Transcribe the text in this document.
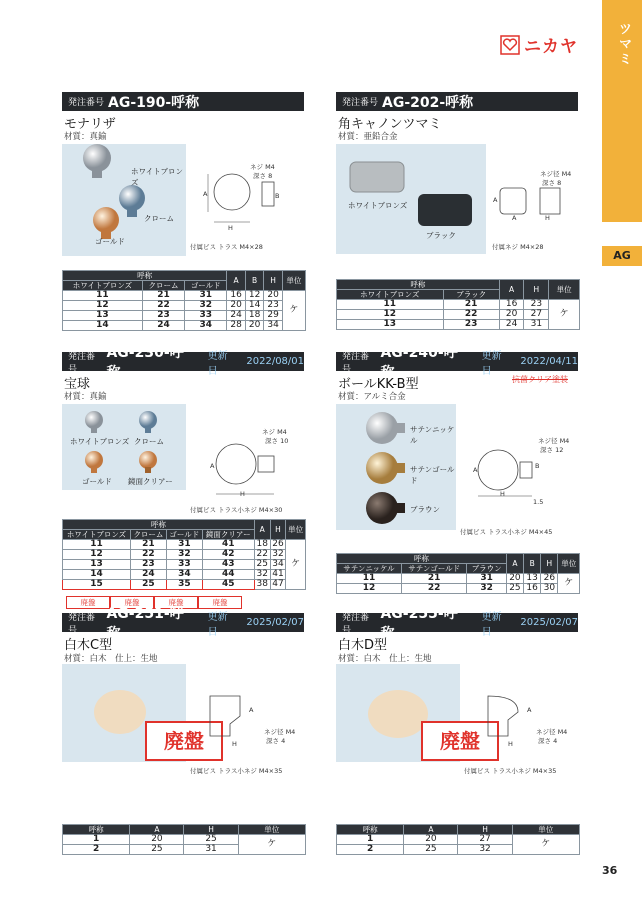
ツマミ
AG
36
ニカヤ
発注番号 AG-190-呼称
モナリザ
材質：真鍮
ホワイトブロンズ
クローム
ゴールド
ネジ M4
深さ 8
A	B
H
付属ビス トラス M4×28
呼称			A	B	H	単位
ホワイトブロンズ	クローム	ゴールド				
11	21	31	16	12	20	ケ
12	22	32	20	14	23	
13	23	33	24	18	29	
14	24	34	28	20	34	
発注番号 AG-202-呼称
角キャノンツマミ
材質：亜鉛合金
ホワイトブロンズ
ブラック
ネジ径 M4
深さ 8
A
A	H
付属ネジ M4×28
呼称		A	H	単位
ホワイトブロンズ	ブラック			
11	21	16	23	ケ
12	22	20	27	
13	23	24	31	
発注番号
AG-230-呼称
更新日
2022/08/01
宝球
材質：真鍮
ホワイトブロンズ クローム
ゴールド 鏡面クリアー
ネジ M4
深さ 10
A
H
付属ビス トラス小ネジ M4×30
呼称				A	H	単位
ホワイトブロンズ	クローム	ゴールド	鏡面クリアー			
11	21	31	41	18	26	ケ
12	22	32	42	22	32	
13	23	33	43	25	34	
14	24	34	44	32	41	
15	25	35	45	38	47	
廃盤	廃盤	廃盤	廃盤
発注番号
AG-240-呼称
更新日
2022/04/11
ボールKK-B型	抗菌クリア塗装
材質：アルミ合金
サテンニッケル
サテンゴールド
ブラウン
ネジ径 M4
深さ 12
A	B
H
1.5
付属ビス トラス小ネジ M4×45
呼称			A	B	H	単位
サテンニッケル	サテンゴールド	ブラウン				
11	21	31	20	13	26	ケ
12	22	32	25	16	30	
発注番号
AG-251-呼称
更新日
2025/02/07
白木C型
材質：白木　仕上：生地
廃盤	ネジ径 M4
深さ 4
A
H
付属ビス トラス小ネジ M4×35
呼称	A	H	単位
1	20	25	ケ
2	25	31	
発注番号
AG-255-呼称
更新日
2025/02/07
白木D型
材質：白木　仕上：生地
廃盤	ネジ径 M4
深さ 4
A
H
付属ビス トラス小ネジ M4×35
呼称	A	H	単位
1	20	27	ケ
2	25	32	
